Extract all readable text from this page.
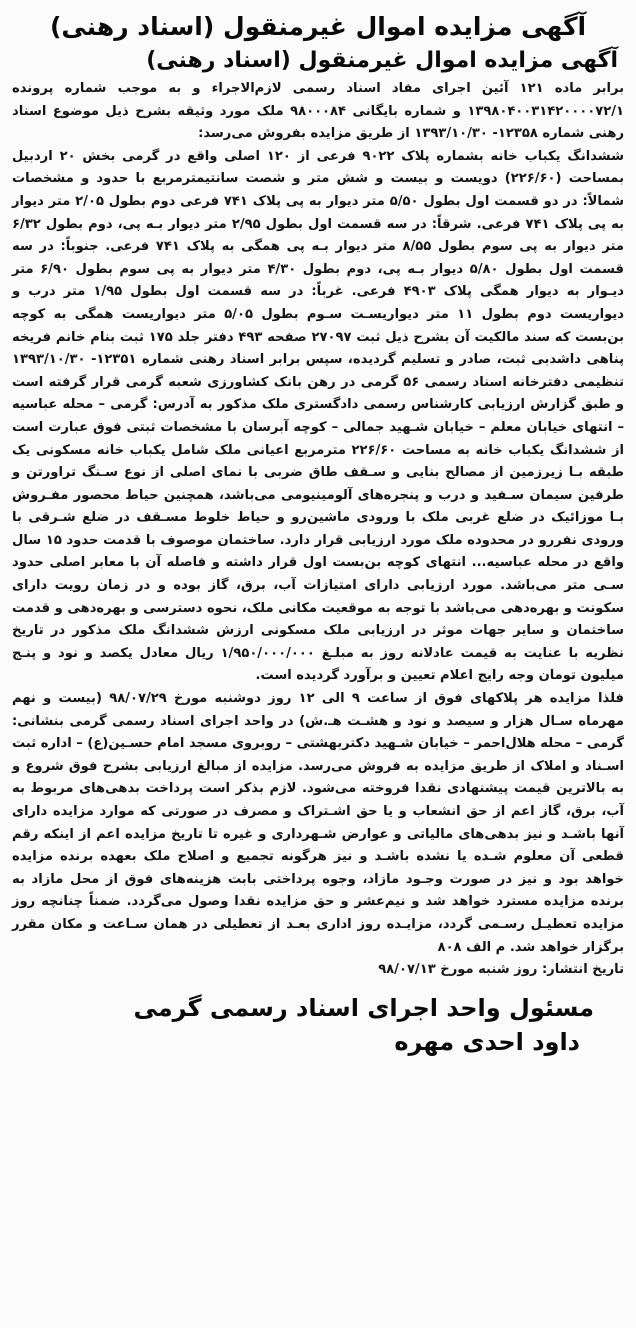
آگهی مزایده اموال غیرمنقول (اسناد رهنی)
آگهی مزایده اموال غیرمنقول (اسناد رهنی)

برابر ماده ۱۲۱ آئین اجرای مفاد اسناد رسمی لازم‌الاجراء و به موجب شماره پرونده ۱۳۹۸۰۴۰۰۳۱۴۲۰۰۰۰۷۲/۱ و شماره بایگانی ۹۸۰۰۰۸۴ ملک مورد وثیقه بشرح ذیل موضوع اسناد رهنی شماره ۱۲۳۵۸- ۱۳۹۳/۱۰/۳۰ از طریق مزایده بفروش می‌رسد:

ششدانگ یکباب خانه بشماره پلاک ۹۰۲۲ فرعی از ۱۲۰ اصلی واقع در گرمی بخش ۲۰ اردبیل بمساحت (۲۲۶/۶۰) دویست و بیست و شش متر و شصت سانتیمترمربع با حدود و مشخصات شمالاً: در دو قسمت اول بطول ۵/۵۰ متر دیوار به پی پلاک ۷۴۱ فرعی دوم بطول ۲/۰۵ متر دیوار به پی پلاک ۷۴۱ فرعی. شرقاً: در سه قسمت اول بطول ۲/۹۵ متر دیوار بـه پی، دوم بطول ۶/۳۲ متر دیوار به پی سوم بطول ۸/۵۵ متر دیوار بـه پی همگی به پلاک ۷۴۱ فرعی. جنوباً: در سه قسمت اول بطول ۵/۸۰ دیوار بـه پی، دوم بطول ۴/۳۰ متر دیوار به پی سوم بطول ۶/۹۰ متر دیـوار به دیوار همگی پلاک ۴۹۰۳ فرعی. غرباً: در سه قسمت اول بطول ۱/۹۵ متر درب و دیواریست دوم بطول ۱۱ متر دیواریسـت سـوم بطول ۵/۰۵ متر دیواریست همگی به کوچه بن‌بست که سند مالکیت آن بشرح ذیل ثبت ۲۷۰۹۷ صفحه ۴۹۳ دفتر جلد ۱۷۵ ثبت بنام خانم فریخه پناهی داشدبی ثبت، صادر و تسلیم گردیده، سپس برابر اسناد رهنی شماره ۱۲۳۵۱- ۱۳۹۳/۱۰/۳۰ تنظیمی دفترخانه اسناد رسمی ۵۶ گرمی در رهن بانک کشاورزی شعبه گرمی قرار گرفته است و طبق گزارش ارزیابی کارشناس رسمی دادگستری ملک مذکور به آدرس: گرمی – محله عباسیه – انتهای خیابان معلم – خیابان شـهید جمالی – کوچه آبرسان با مشخصات ثبتی فوق عبارت است از ششدانگ یکباب خانه به مساحت ۲۲۶/۶۰ مترمربع اعیانی ملک شامل یکباب خانه مسکونی یک طبقه بـا زیرزمین از مصالح بنایی و سـقف طاق ضربی با نمای اصلی از نوع سـنگ تراورتن و طرفین سیمان سـفید و درب و پنجره‌های آلومینیومی می‌باشد، همچنین حیاط محصور مفـروش بـا موزائیک در ضلع غربی ملک با ورودی ماشین‌رو و حیاط خلوط مسـقف در ضلع شـرقی با ورودی نفررو در محدوده ملک مورد ارزیابی قرار دارد. ساختمان موصوف با قدمت حدود ۱۵ سال واقع در محله عباسیه... انتهای کوچه بن‌بست اول قرار داشته و فاصله آن با معابر اصلی حدود سـی متر می‌باشد. مورد ارزیابی دارای امتیازات آب، برق، گاز بوده و در زمان رویت دارای سکونت و بهره‌دهی می‌باشد با توجه به موقعیت مکانی ملک، نحوه دسترسی و بهره‌دهی و قدمت ساختمان و سایر جهات موثر در ارزیابی ملک مسکونی ارزش ششدانگ ملک مذکور در تاریخ نظریه با عنایت به قیمت عادلانه روز به مبلـغ ۱/۹۵۰/۰۰۰/۰۰۰ ریال معادل یکصد و نود و پنـج میلیون تومان وجه رایج اعلام تعیین و برآورد گردیده است.

فلذا مزایده هر پلاکهای فوق از ساعت ۹ الی ۱۲ روز دوشنبه مورخ ۹۸/۰۷/۲۹ (بیست و نهم مهرماه سـال هزار و سیصد و نود و هشـت هـ.ش) در واحد اجرای اسناد رسمی گرمی بنشانی: گرمی – محله هلال‌احمر – خیابان شـهید دکتربهشتی – روبروی مسجد امام حسـین(ع) – اداره ثبت اسـناد و املاک از طریق مزایده به فروش می‌رسد. مزایده از مبالغ ارزیابی بشرح فوق شروع و به بالاترین قیمت پیشنهادی نقدا فروخته می‌شود. لازم بذکر است پرداخت بدهی‌های مربوط به آب، برق، گاز اعم از حق انشعاب و یا حق اشـتراک و مصرف در صورتی که موارد مزایده دارای آنها باشـد و نیز بدهی‌های مالیاتی و عوارض شـهرداری و غیره تا تاریخ مزایده اعم از اینکه رقم قطعی آن معلوم شـده یا نشده باشـد و نیز هرگونه تجمیع و اصلاح ملک بعهده برنده مزایده خواهد بود و نیز در صورت وجـود مازاد، وجوه پرداختی بابت هزینه‌های فوق از محل مازاد به برنده مزایده مسترد خواهد شد و نیم‌عشر و حق مزایده نقدا وصول می‌گردد. ضمناً چنانچه روز مزایده تعطیـل رسـمی گردد، مزایـده روز اداری بعـد از تعطیلی در همان سـاعت و مکان مقرر برگزار خواهد شد. م الف ۸۰۸

تاریخ انتشار: روز شنبه مورخ ۹۸/۰۷/۱۳

مسئول واحد اجرای اسناد رسمی گرمی
داود احدی مهره
